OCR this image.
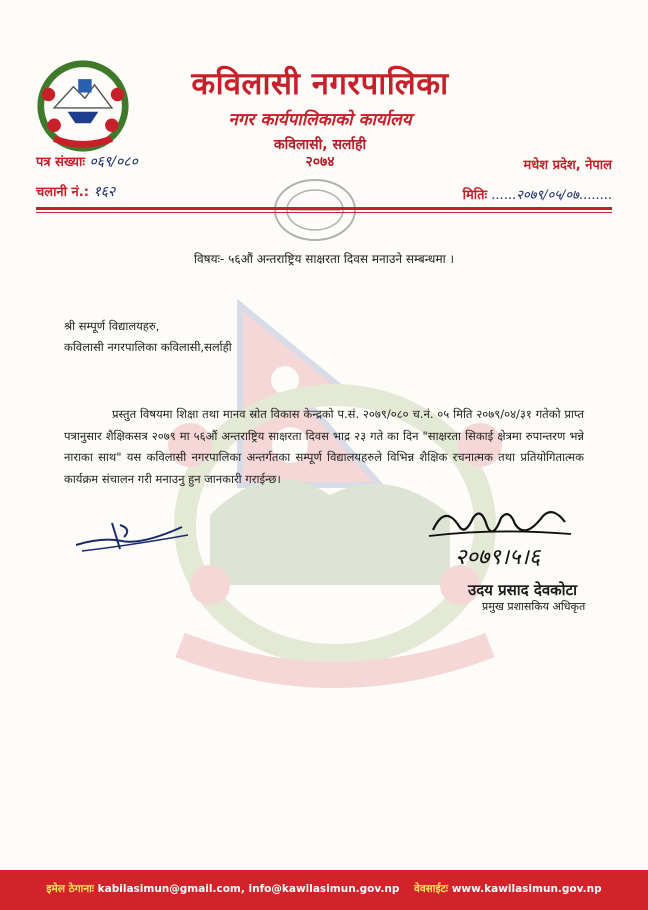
कविलासी नगरपालिका
नगर कार्यपालिकाको कार्यालय
कविलासी, सर्लाही
२०७४
पत्र संख्याः ०६९/०८०
चलानी नं.: १६२
मधेश प्रदेश, नेपाल
मितिः ......२०७९/०५/०७........
विषयः- ५६औं अन्तराष्ट्रिय साक्षरता दिवस मनाउने सम्बन्धमा ।
श्री सम्पूर्ण विद्यालयहरु,
कविलासी नगरपालिका कविलासी,सर्लाही
प्रस्तुत विषयमा शिक्षा तथा मानव स्रोत विकास केन्द्रको प.सं. २०७९/०८० च.नं. ०५ मिति २०७९/०४/३१ गतेको प्राप्त पत्रानुसार शैक्षिकसत्र २०७९ मा ५६औं अन्तराष्ट्रिय साक्षरता दिवस भाद्र २३ गते का दिन "साक्षरता सिकाई क्षेत्रमा रुपान्तरण भन्ने नाराका साथ" यस कविलासी नगरपालिका अन्तर्गतका सम्पूर्ण विद्यालयहरुले विभिन्न शैक्षिक रचनात्मक तथा प्रतियोगितात्मक कार्यक्रम संचालन गरी मनाउनु हुन जानकारी गराईन्छ।
२०७९।५।६
उदय प्रसाद देवकोटा
प्रमुख प्रशासकिय अधिकृत
इमेल ठेगानाः kabilasimun@gmail.com, info@kawilasimun.gov.np वेवसाईटः www.kawilasimun.gov.np
